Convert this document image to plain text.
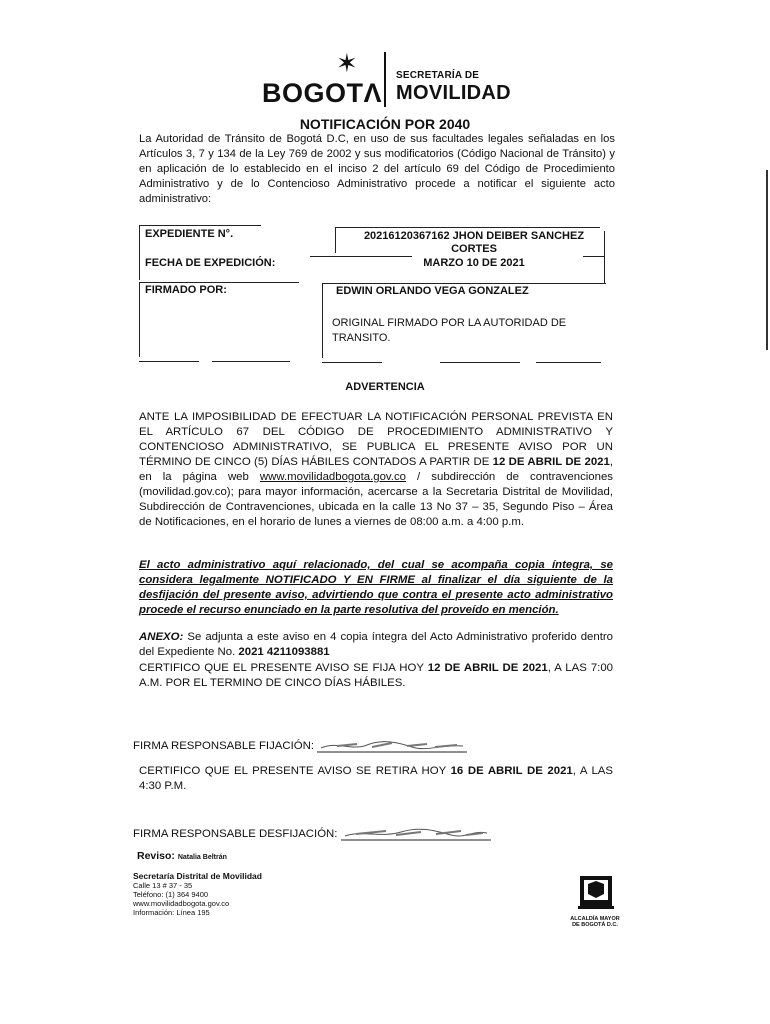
✶
BOGOTΛ
SECRETARÍA DE
MOVILIDAD
NOTIFICACIÓN POR 2040
La Autoridad de Tránsito de Bogotá D.C, en uso de sus facultades legales señaladas en los Artículos 3, 7 y 134 de la Ley 769 de 2002 y sus modificatorios (Código Nacional de Tránsito) y en aplicación de lo establecido en el inciso 2 del artículo 69 del Código de Procedimiento Administrativo y de lo Contencioso Administrativo procede a notificar el siguiente acto administrativo:
EXPEDIENTE N°.	20216120367162 JHON DEIBER SANCHEZ
CORTES
FECHA DE EXPEDICIÓN:	MARZO 10 DE 2021
FIRMADO POR:	EDWIN ORLANDO VEGA GONZALEZ
ORIGINAL FIRMADO POR LA AUTORIDAD DE TRANSITO.
ADVERTENCIA
ANTE LA IMPOSIBILIDAD DE EFECTUAR LA NOTIFICACIÓN PERSONAL PREVISTA EN EL ARTÍCULO 67 DEL CÓDIGO DE PROCEDIMIENTO ADMINISTRATIVO Y CONTENCIOSO ADMINISTRATIVO, SE PUBLICA EL PRESENTE AVISO POR UN TÉRMINO DE CINCO (5) DÍAS HÁBILES CONTADOS A PARTIR DE 12 DE ABRIL DE 2021, en la página web www.movilidadbogota.gov.co / subdirección de contravenciones (movilidad.gov.co); para mayor información, acercarse a la Secretaria Distrital de Movilidad, Subdirección de Contravenciones, ubicada en la calle 13 No 37 – 35, Segundo Piso – Área de Notificaciones, en el horario de lunes a viernes de 08:00 a.m. a 4:00 p.m.
El acto administrativo aquí relacionado, del cual se acompaña copia íntegra, se considera legalmente NOTIFICADO Y EN FIRME al finalizar el día siguiente de la desfijación del presente aviso, advirtiendo que contra el presente acto administrativo procede el recurso enunciado en la parte resolutiva del proveído en mención.
ANEXO: Se adjunta a este aviso en 4 copia íntegra del Acto Administrativo proferido dentro del Expediente No. 2021 4211093881
CERTIFICO QUE EL PRESENTE AVISO SE FIJA HOY 12 DE ABRIL DE 2021, A LAS 7:00 A.M. POR EL TERMINO DE CINCO DÍAS HÁBILES.
FIRMA RESPONSABLE FIJACIÓN:
CERTIFICO QUE EL PRESENTE AVISO SE RETIRA HOY 16 DE ABRIL DE 2021, A LAS 4:30 P.M.
FIRMA RESPONSABLE DESFIJACIÓN:
Reviso: Natalia Beltrán
Secretaría Distrital de Movilidad
Calle 13 # 37 - 35
Teléfono: (1) 364 9400
www.movilidadbogota.gov.co
Información: Línea 195
ALCALDÍA MAYOR
DE BOGOTÁ D.C.
